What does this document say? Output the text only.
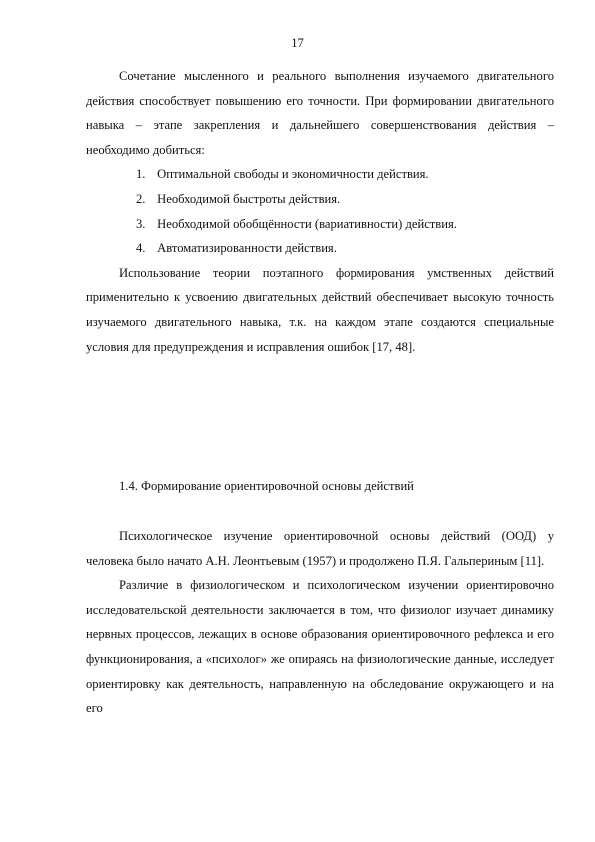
17

Сочетание мысленного и реального выполнения изучаемого двигательного действия способствует повышению его точности. При формировании двигательного навыка – этапе закрепления и дальнейшего совершенствования действия – необходимо добиться:

1. Оптимальной свободы и экономичности действия.
2. Необходимой быстроты действия.
3. Необходимой обобщённости (вариативности) действия.
4. Автоматизированности действия.

Использование теории поэтапного формирования умственных действий применительно к усвоению двигательных действий обеспечивает высокую точность изучаемого двигательного навыка, т.к. на каждом этапе создаются специальные условия для предупреждения и исправления ошибок [17, 48].

1.4. Формирование ориентировочной основы действий

Психологическое изучение ориентировочной основы действий (ООД) у человека было начато А.Н. Леонтьевым (1957) и продолжено П.Я. Гальпериным [11].

Различие в физиологическом и психологическом изучении ориентировочно исследовательской деятельности заключается в том, что физиолог изучает динамику нервных процессов, лежащих в основе образования ориентировочного рефлекса и его функционирования, а «психолог» же опираясь на физиологические данные, исследует ориентировку как деятельность, направленную на обследование окружающего и на его
